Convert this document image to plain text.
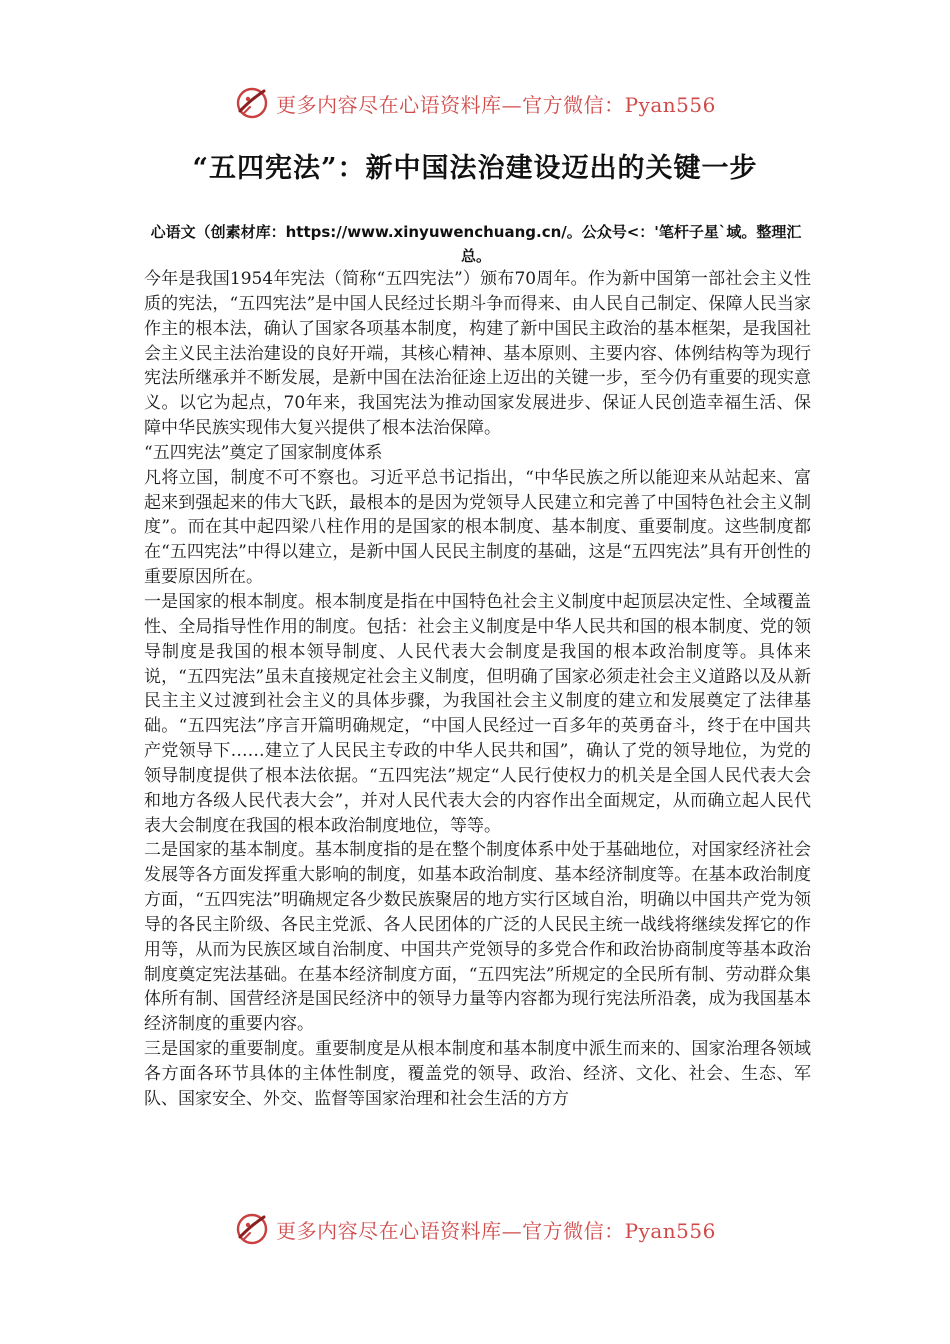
更多内容尽在心语资料库—官方微信：Pyan556
“五四宪法”：新中国法治建设迈出的关键一步

心语文（创素材库：https://www.xinyuwenchuang.cn/。公众号<：'笔杆子星`域。整理汇总。

今年是我国1954年宪法（简称“五四宪法”）颁布70周年。作为新中国第一部社会主义性质的宪法，“五四宪法”是中国人民经过长期斗争而得来、由人民自己制定、保障人民当家作主的根本法，确认了国家各项基本制度，构建了新中国民主政治的基本框架，是我国社会主义民主法治建设的良好开端，其核心精神、基本原则、主要内容、体例结构等为现行宪法所继承并不断发展，是新中国在法治征途上迈出的关键一步，至今仍有重要的现实意义。以它为起点，70年来，我国宪法为推动国家发展进步、保证人民创造幸福生活、保障中华民族实现伟大复兴提供了根本法治保障。

“五四宪法”奠定了国家制度体系

凡将立国，制度不可不察也。习近平总书记指出，“中华民族之所以能迎来从站起来、富起来到强起来的伟大飞跃，最根本的是因为党领导人民建立和完善了中国特色社会主义制度”。而在其中起四梁八柱作用的是国家的根本制度、基本制度、重要制度。这些制度都在“五四宪法”中得以建立，是新中国人民民主制度的基础，这是“五四宪法”具有开创性的重要原因所在。

一是国家的根本制度。根本制度是指在中国特色社会主义制度中起顶层决定性、全域覆盖性、全局指导性作用的制度。包括：社会主义制度是中华人民共和国的根本制度、党的领导制度是我国的根本领导制度、人民代表大会制度是我国的根本政治制度等。具体来说，“五四宪法”虽未直接规定社会主义制度，但明确了国家必须走社会主义道路以及从新民主主义过渡到社会主义的具体步骤，为我国社会主义制度的建立和发展奠定了法律基础。“五四宪法”序言开篇明确规定，“中国人民经过一百多年的英勇奋斗，终于在中国共产党领导下……建立了人民民主专政的中华人民共和国”，确认了党的领导地位，为党的领导制度提供了根本法依据。“五四宪法”规定“人民行使权力的机关是全国人民代表大会和地方各级人民代表大会”，并对人民代表大会的内容作出全面规定，从而确立起人民代表大会制度在我国的根本政治制度地位，等等。

二是国家的基本制度。基本制度指的是在整个制度体系中处于基础地位，对国家经济社会发展等各方面发挥重大影响的制度，如基本政治制度、基本经济制度等。在基本政治制度方面，“五四宪法”明确规定各少数民族聚居的地方实行区域自治，明确以中国共产党为领导的各民主阶级、各民主党派、各人民团体的广泛的人民民主统一战线将继续发挥它的作用等，从而为民族区域自治制度、中国共产党领导的多党合作和政治协商制度等基本政治制度奠定宪法基础。在基本经济制度方面，“五四宪法”所规定的全民所有制、劳动群众集体所有制、国营经济是国民经济中的领导力量等内容都为现行宪法所沿袭，成为我国基本经济制度的重要内容。

三是国家的重要制度。重要制度是从根本制度和基本制度中派生而来的、国家治理各领域各方面各环节具体的主体性制度，覆盖党的领导、政治、经济、文化、社会、生态、军队、国家安全、外交、监督等国家治理和社会生活的方方

更多内容尽在心语资料库—官方微信：Pyan556
